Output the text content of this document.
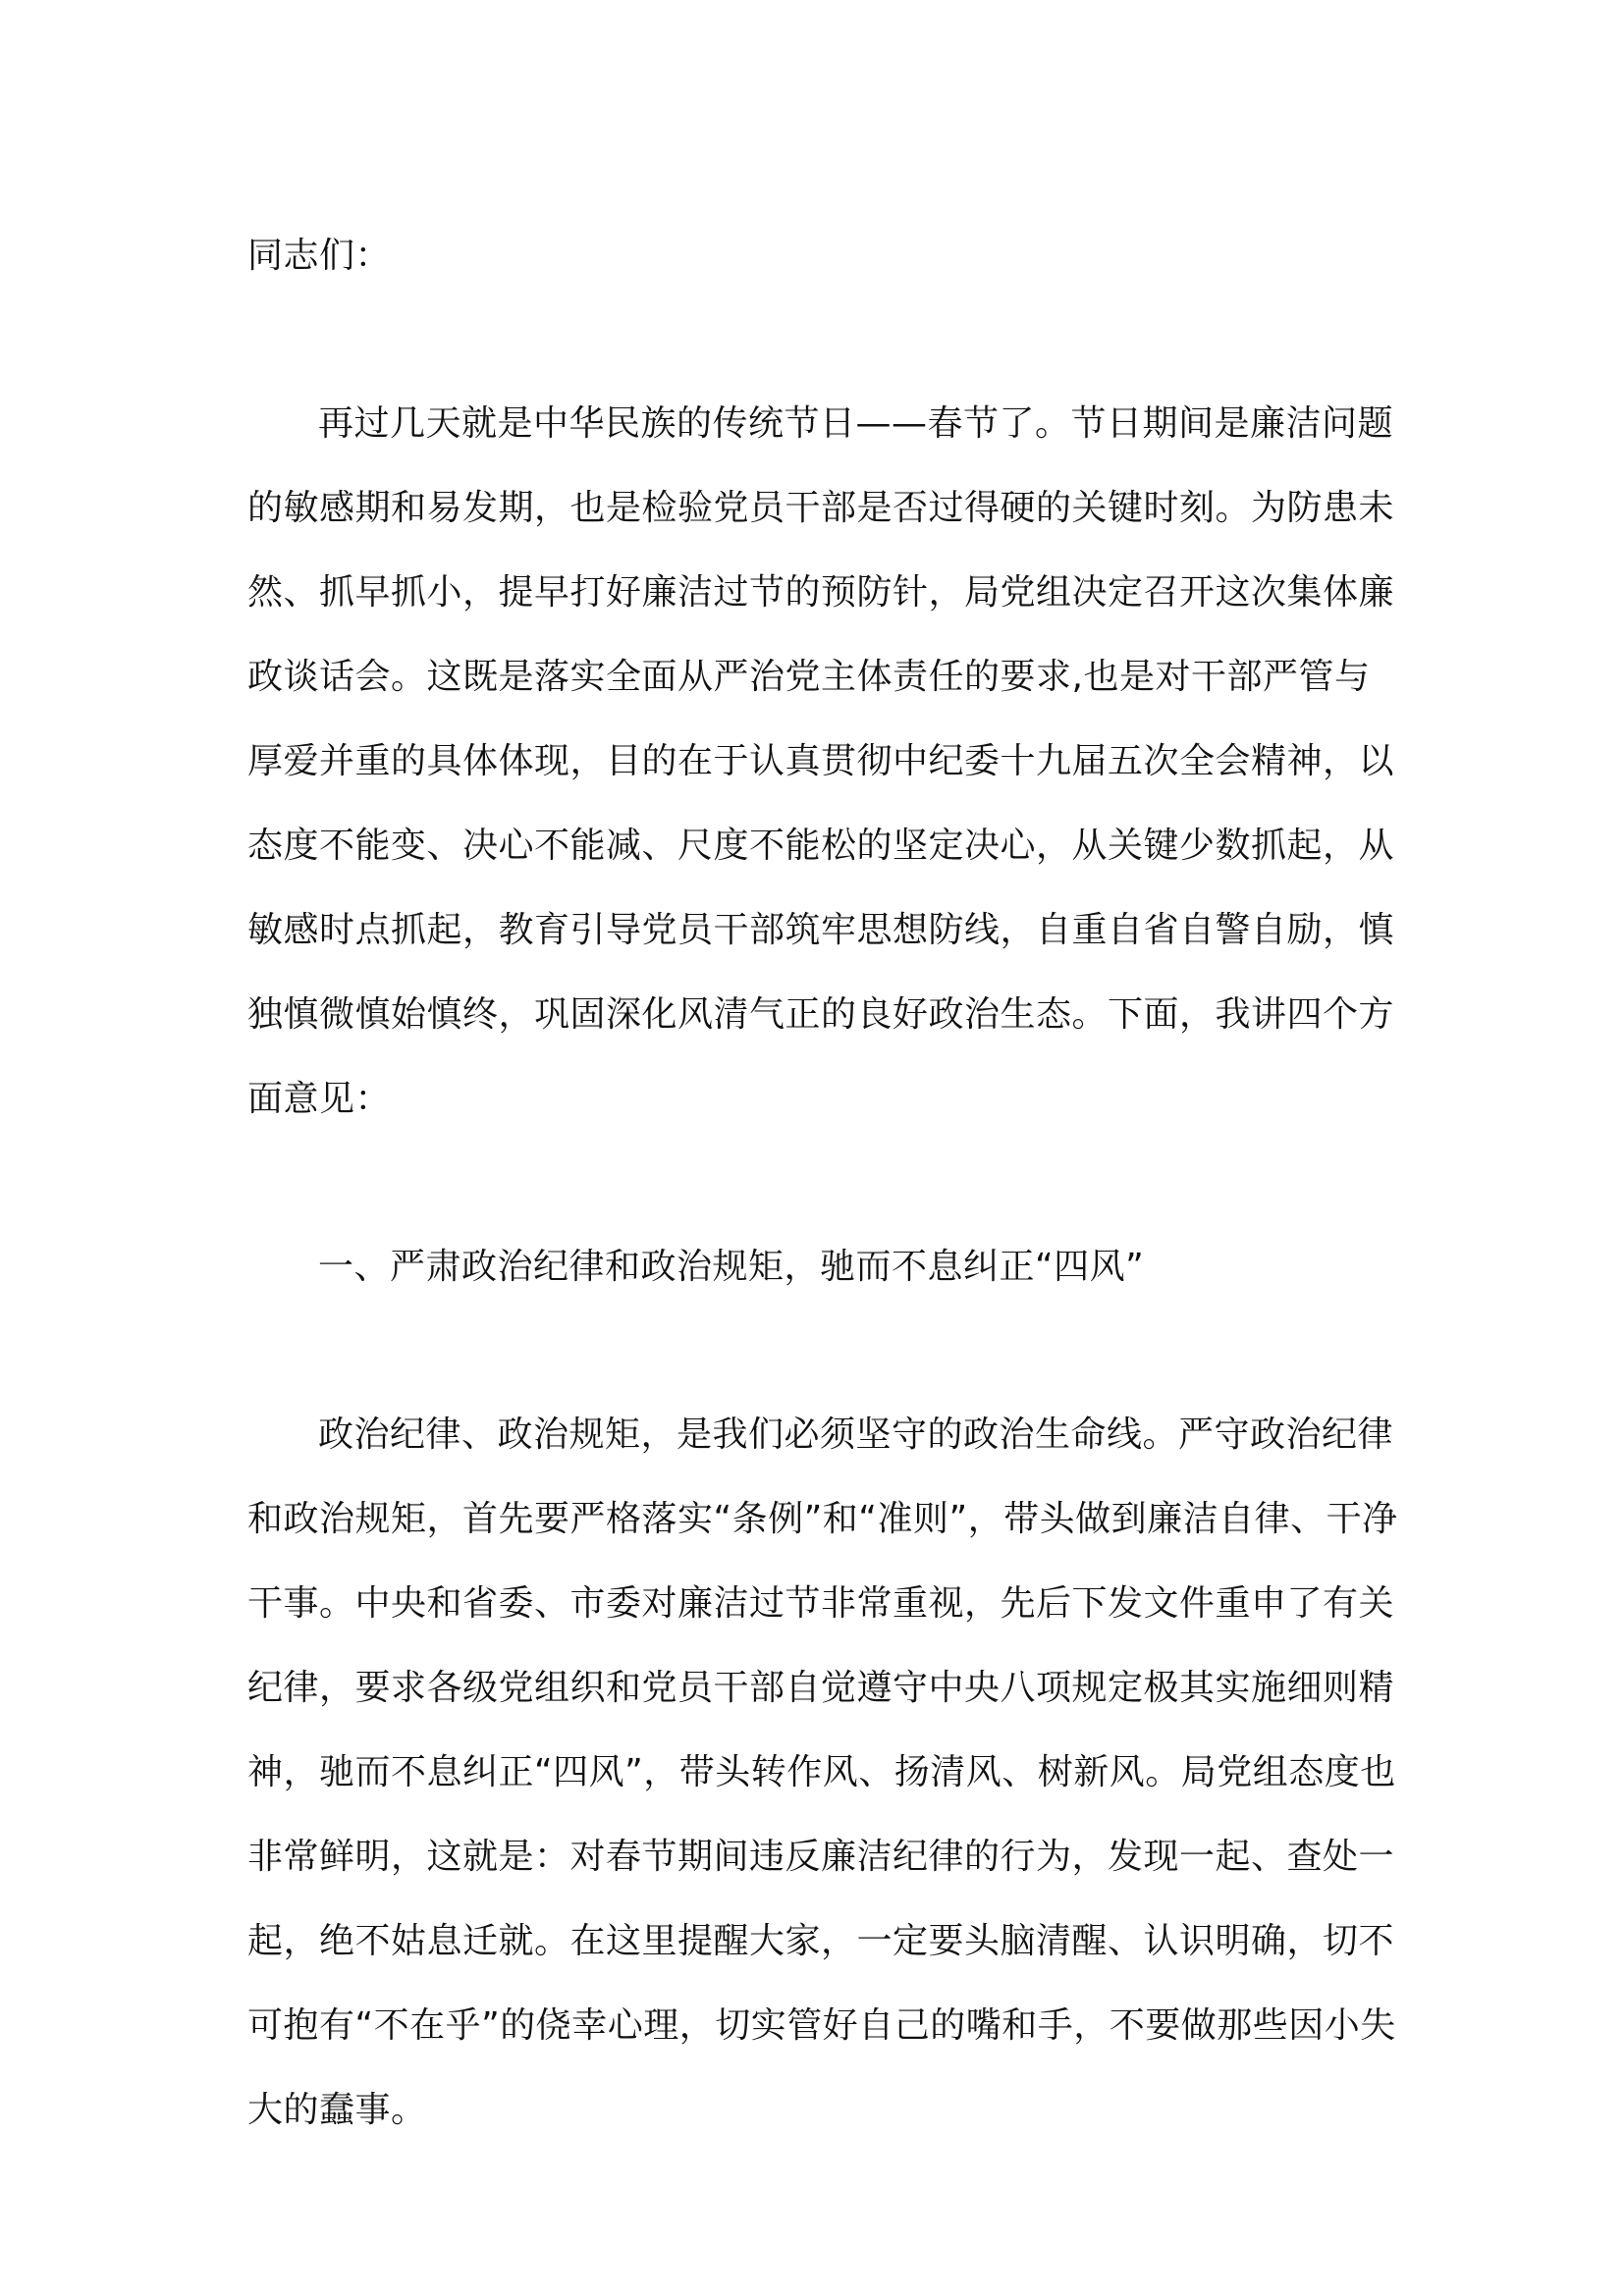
同志们：
再过几天就是中华民族的传统节日——春节了。节日期间是廉洁问题
的敏感期和易发期，也是检验党员干部是否过得硬的关键时刻。为防患未
然、抓早抓小，提早打好廉洁过节的预防针，局党组决定召开这次集体廉
政谈话会。这既是落实全面从严治党主体责任的要求,也是对干部严管与
厚爱并重的具体体现，目的在于认真贯彻中纪委十九届五次全会精神，以
态度不能变、决心不能减、尺度不能松的坚定决心，从关键少数抓起，从
敏感时点抓起，教育引导党员干部筑牢思想防线，自重自省自警自励，慎
独慎微慎始慎终，巩固深化风清气正的良好政治生态。下面，我讲四个方
面意见：
一、严肃政治纪律和政治规矩，驰而不息纠正“四风”
政治纪律、政治规矩，是我们必须坚守的政治生命线。严守政治纪律
和政治规矩，首先要严格落实“条例”和“准则”，带头做到廉洁自律、干净
干事。中央和省委、市委对廉洁过节非常重视，先后下发文件重申了有关
纪律，要求各级党组织和党员干部自觉遵守中央八项规定极其实施细则精
神，驰而不息纠正“四风”，带头转作风、扬清风、树新风。局党组态度也
非常鲜明，这就是：对春节期间违反廉洁纪律的行为，发现一起、查处一
起，绝不姑息迁就。在这里提醒大家，一定要头脑清醒、认识明确，切不
可抱有“不在乎”的侥幸心理，切实管好自己的嘴和手，不要做那些因小失
大的蠢事。
